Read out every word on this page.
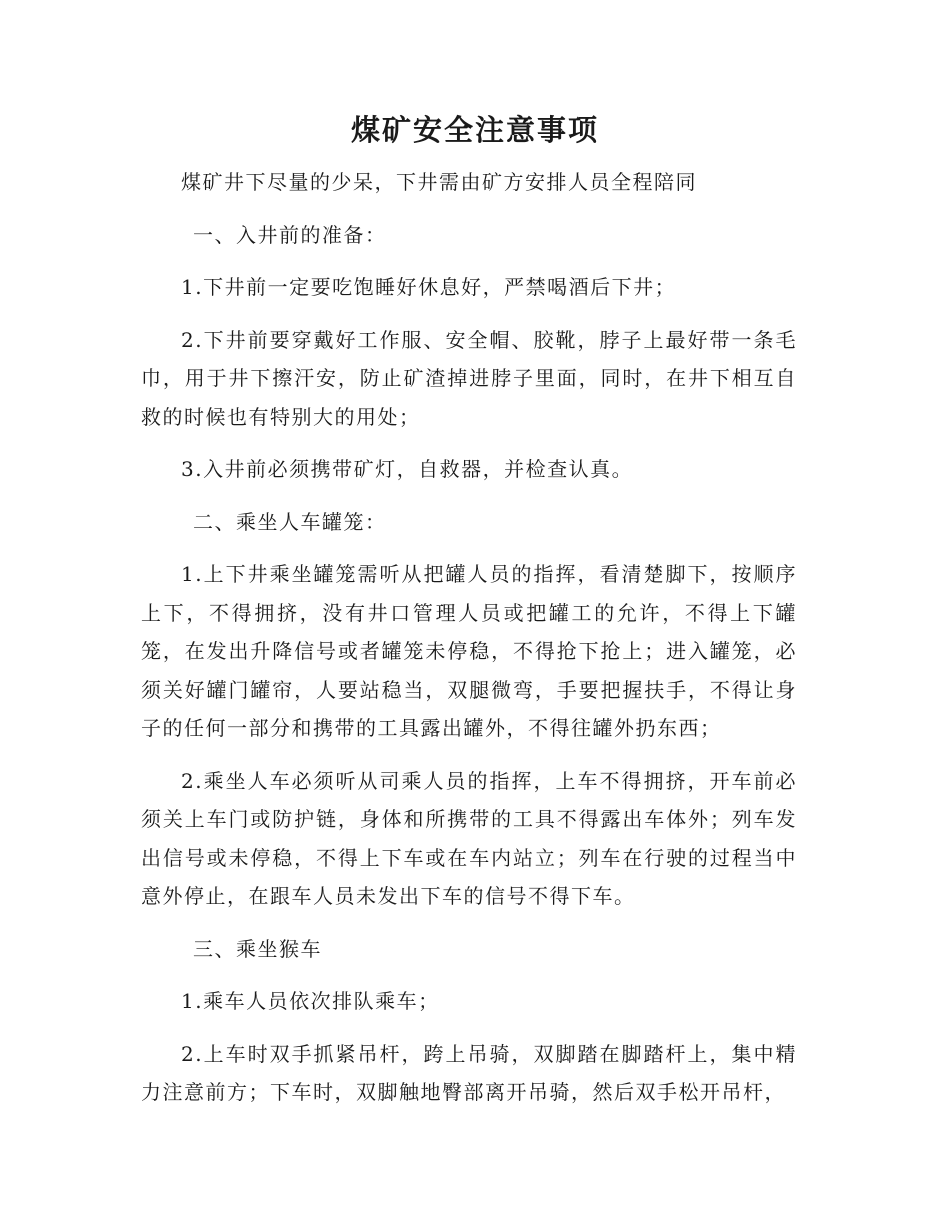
煤矿安全注意事项

煤矿井下尽量的少呆，下井需由矿方安排人员全程陪同

一、入井前的准备：

1.下井前一定要吃饱睡好休息好，严禁喝酒后下井；

2.下井前要穿戴好工作服、安全帽、胶靴，脖子上最好带一条毛巾，用于井下擦汗安，防止矿渣掉进脖子里面，同时，在井下相互自救的时候也有特别大的用处；

3.入井前必须携带矿灯，自救器，并检查认真。

二、乘坐人车罐笼：

1.上下井乘坐罐笼需听从把罐人员的指挥，看清楚脚下，按顺序上下，不得拥挤，没有井口管理人员或把罐工的允许，不得上下罐笼，在发出升降信号或者罐笼未停稳，不得抢下抢上；进入罐笼，必须关好罐门罐帘，人要站稳当，双腿微弯，手要把握扶手，不得让身子的任何一部分和携带的工具露出罐外，不得往罐外扔东西；

2.乘坐人车必须听从司乘人员的指挥，上车不得拥挤，开车前必须关上车门或防护链，身体和所携带的工具不得露出车体外；列车发出信号或未停稳，不得上下车或在车内站立；列车在行驶的过程当中意外停止，在跟车人员未发出下车的信号不得下车。

三、乘坐猴车

1.乘车人员依次排队乘车；

2.上车时双手抓紧吊杆，跨上吊骑，双脚踏在脚踏杆上，集中精力注意前方；下车时，双脚触地臀部离开吊骑，然后双手松开吊杆，
